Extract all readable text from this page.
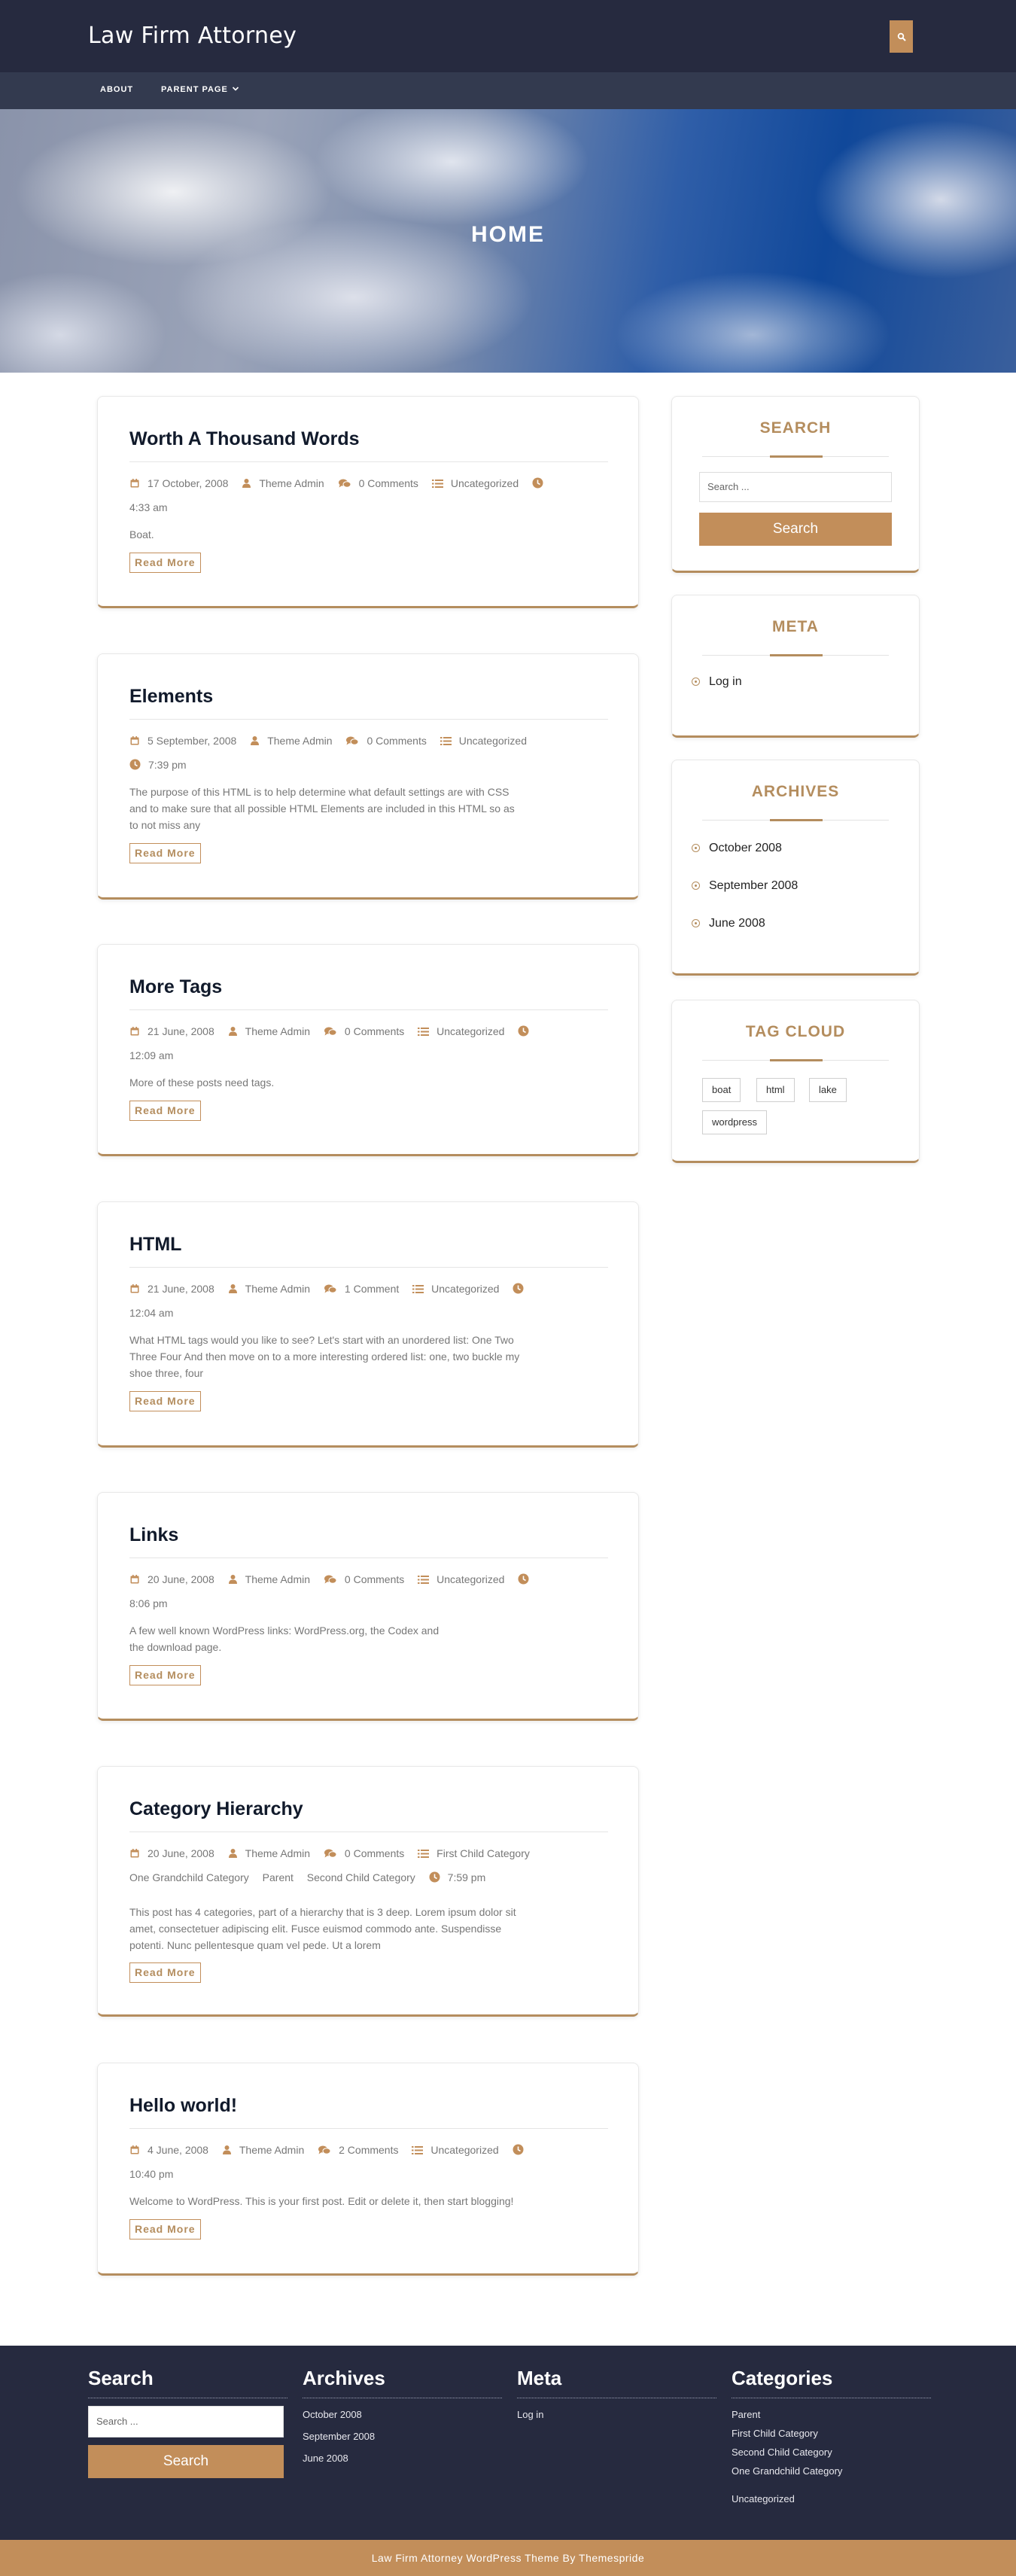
Law Firm Attorney
ABOUT	PARENT PAGE
HOME
Worth A Thousand Words
17 October, 2008	Theme Admin	0 Comments	Uncategorized
4:33 am
Boat.
Read More
Elements
5 September, 2008	Theme Admin	0 Comments	Uncategorized
7:39 pm
The purpose of this HTML is to help determine what default settings are with CSS and to make sure that all possible HTML Elements are included in this HTML so as to not miss any
Read More
More Tags
21 June, 2008	Theme Admin	0 Comments	Uncategorized
12:09 am
More of these posts need tags.
Read More
HTML
21 June, 2008	Theme Admin	1 Comment	Uncategorized
12:04 am
What HTML tags would you like to see? Let's start with an unordered list: One Two Three Four And then move on to a more interesting ordered list: one, two buckle my shoe three, four
Read More
Links
20 June, 2008	Theme Admin	0 Comments	Uncategorized
8:06 pm
A few well known WordPress links: WordPress.org, the Codex and the download page.
Read More
Category Hierarchy
20 June, 2008	Theme Admin	0 Comments	First Child Category
One Grandchild Category Parent Second Child Category	7:59 pm
This post has 4 categories, part of a hierarchy that is 3 deep. Lorem ipsum dolor sit amet, consectetuer adipiscing elit. Fusce euismod commodo ante. Suspendisse potenti. Nunc pellentesque quam vel pede. Ut a lorem
Read More
Hello world!
4 June, 2008	Theme Admin	2 Comments	Uncategorized
10:40 pm
Welcome to WordPress. This is your first post. Edit or delete it, then start blogging!
Read More
SEARCH
Search ...
Search
META
Log in
ARCHIVES
October 2008
September 2008
June 2008
TAG CLOUD
boat	html	lake
wordpress
Search
Search ...
Search
Archives
October 2008
September 2008
June 2008
Meta
Log in
Categories
Parent
First Child Category
Second Child Category
One Grandchild Category
Uncategorized
Law Firm Attorney WordPress Theme By Themespride
